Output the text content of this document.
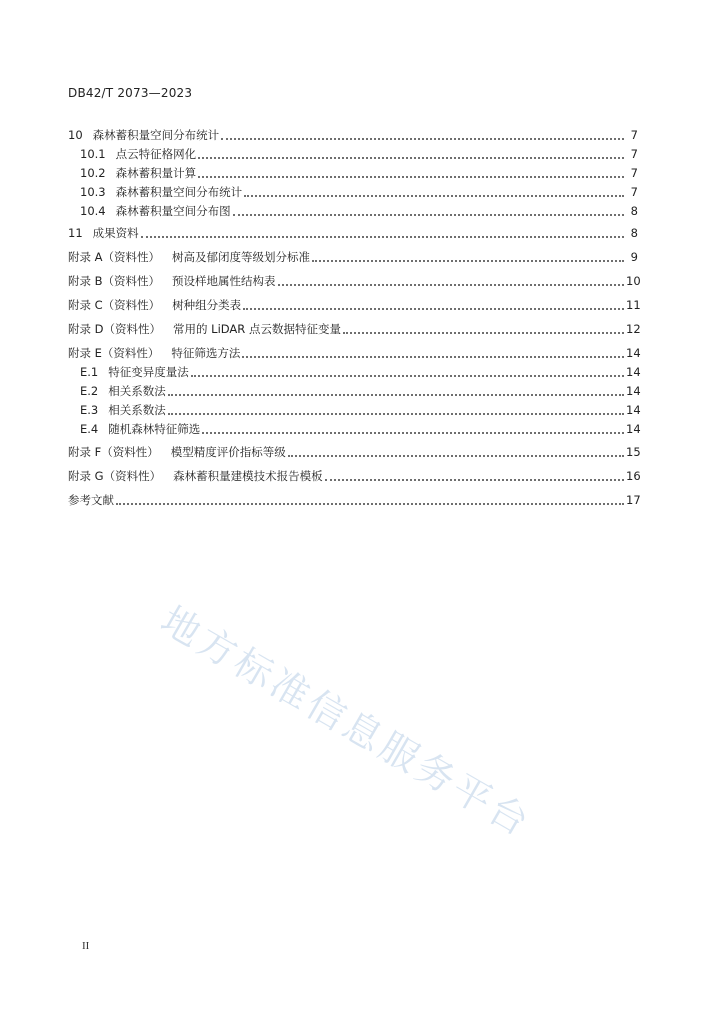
DB42/T 2073—2023
10 森林蓄积量空间分布统计	7
10.1 点云特征格网化	7
10.2 森林蓄积量计算	7
10.3 森林蓄积量空间分布统计	7
10.4 森林蓄积量空间分布图	8
11 成果资料	8
附录 A（资料性）	树高及郁闭度等级划分标准	9
附录 B（资料性）	预设样地属性结构表	10
附录 C（资料性）	树种组分类表	11
附录 D（资料性）	常用的 LiDAR 点云数据特征变量	12
附录 E（资料性）	特征筛选方法	14
E.1 特征变异度量法	14
E.2 相关系数法	14
E.3 相关系数法	14
E.4 随机森林特征筛选	14
附录 F（资料性）	模型精度评价指标等级	15
附录 G（资料性）	森林蓄积量建模技术报告模板	16
参考文献	17
地方标准信息服务平台
II
